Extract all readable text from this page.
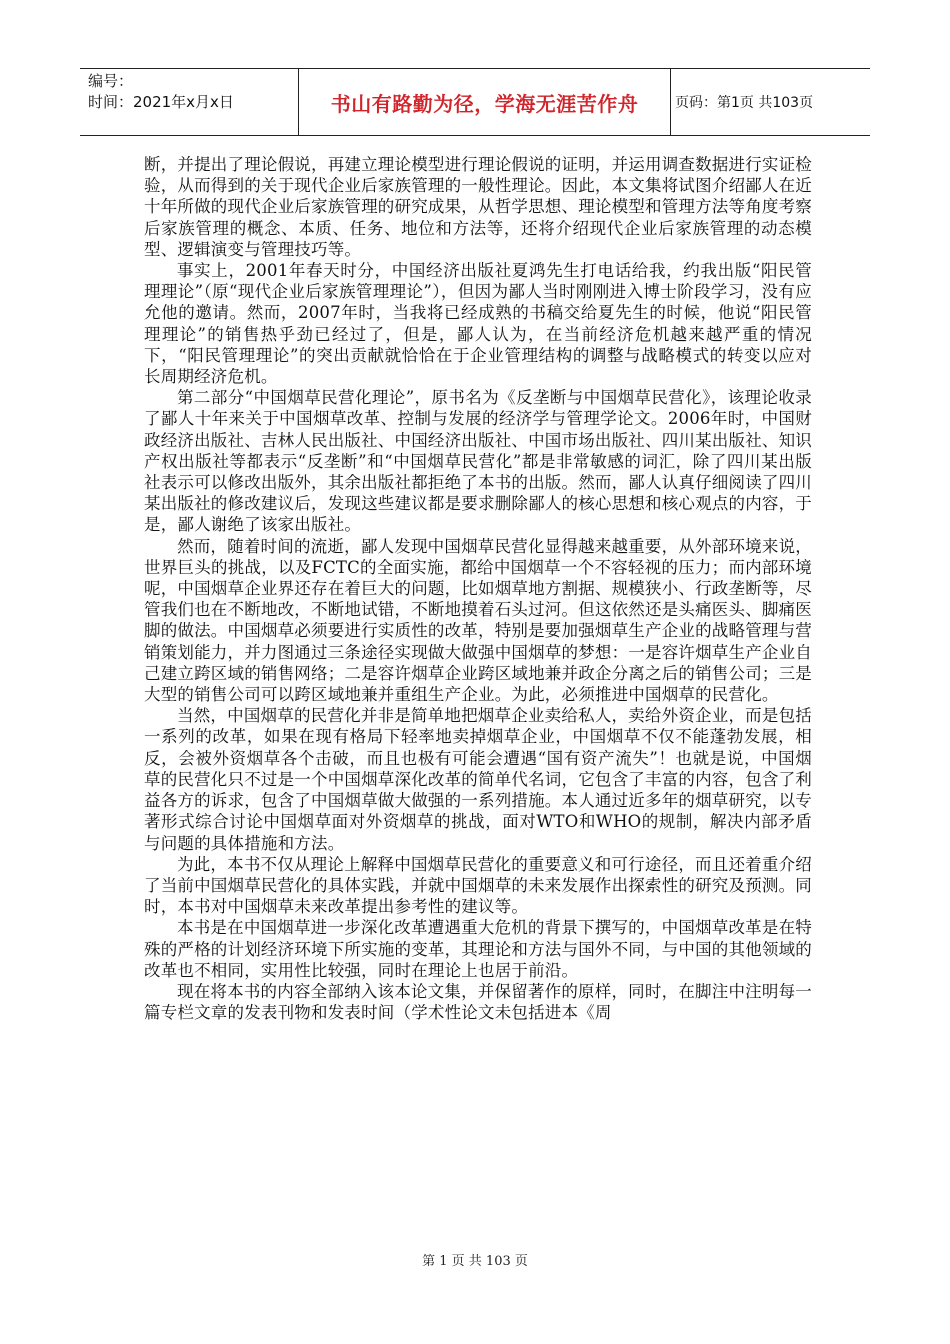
编号：
时间：2021年x月x日	书山有路勤为径，学海无涯苦作舟	页码：第1页 共103页

断，并提出了理论假说，再建立理论模型进行理论假说的证明，并运用调查数据进行实证检验，从而得到的关于现代企业后家族管理的一般性理论。因此，本文集将试图介绍鄙人在近十年所做的现代企业后家族管理的研究成果，从哲学思想、理论模型和管理方法等角度考察后家族管理的概念、本质、任务、地位和方法等，还将介绍现代企业后家族管理的动态模型、逻辑演变与管理技巧等。

事实上，2001年春天时分，中国经济出版社夏鸿先生打电话给我，约我出版“阳民管理理论”（原“现代企业后家族管理理论”），但因为鄙人当时刚刚进入博士阶段学习，没有应允他的邀请。然而，2007年时，当我将已经成熟的书稿交给夏先生的时候，他说“阳民管理理论”的销售热乎劲已经过了，但是，鄙人认为，在当前经济危机越来越严重的情况下，“阳民管理理论”的突出贡献就恰恰在于企业管理结构的调整与战略模式的转变以应对长周期经济危机。

第二部分“中国烟草民营化理论”，原书名为《反垄断与中国烟草民营化》，该理论收录了鄙人十年来关于中国烟草改革、控制与发展的经济学与管理学论文。2006年时，中国财政经济出版社、吉林人民出版社、中国经济出版社、中国市场出版社、四川某出版社、知识产权出版社等都表示“反垄断”和“中国烟草民营化”都是非常敏感的词汇，除了四川某出版社表示可以修改出版外，其余出版社都拒绝了本书的出版。然而，鄙人认真仔细阅读了四川某出版社的修改建议后，发现这些建议都是要求删除鄙人的核心思想和核心观点的内容，于是，鄙人谢绝了该家出版社。

然而，随着时间的流逝，鄙人发现中国烟草民营化显得越来越重要，从外部环境来说，世界巨头的挑战，以及FCTC的全面实施，都给中国烟草一个不容轻视的压力；而内部环境呢，中国烟草企业界还存在着巨大的问题，比如烟草地方割据、规模狭小、行政垄断等，尽管我们也在不断地改，不断地试错，不断地摸着石头过河。但这依然还是头痛医头、脚痛医脚的做法。中国烟草必须要进行实质性的改革，特别是要加强烟草生产企业的战略管理与营销策划能力，并力图通过三条途径实现做大做强中国烟草的梦想：一是容许烟草生产企业自己建立跨区域的销售网络；二是容许烟草企业跨区域地兼并政企分离之后的销售公司；三是大型的销售公司可以跨区域地兼并重组生产企业。为此，必须推进中国烟草的民营化。

当然，中国烟草的民营化并非是简单地把烟草企业卖给私人，卖给外资企业，而是包括一系列的改革，如果在现有格局下轻率地卖掉烟草企业，中国烟草不仅不能蓬勃发展，相反，会被外资烟草各个击破，而且也极有可能会遭遇“国有资产流失”！也就是说，中国烟草的民营化只不过是一个中国烟草深化改革的简单代名词，它包含了丰富的内容，包含了利益各方的诉求，包含了中国烟草做大做强的一系列措施。本人通过近多年的烟草研究，以专著形式综合讨论中国烟草面对外资烟草的挑战，面对WTO和WHO的规制，解决内部矛盾与问题的具体措施和方法。

为此，本书不仅从理论上解释中国烟草民营化的重要意义和可行途径，而且还着重介绍了当前中国烟草民营化的具体实践，并就中国烟草的未来发展作出探索性的研究及预测。同时，本书对中国烟草未来改革提出参考性的建议等。

本书是在中国烟草进一步深化改革遭遇重大危机的背景下撰写的，中国烟草改革是在特殊的严格的计划经济环境下所实施的变革，其理论和方法与国外不同，与中国的其他领域的改革也不相同，实用性比较强，同时在理论上也居于前沿。

现在将本书的内容全部纳入该本论文集，并保留著作的原样，同时，在脚注中注明每一篇专栏文章的发表刊物和发表时间（学术性论文未包括进本《周

第 1 页 共 103 页
